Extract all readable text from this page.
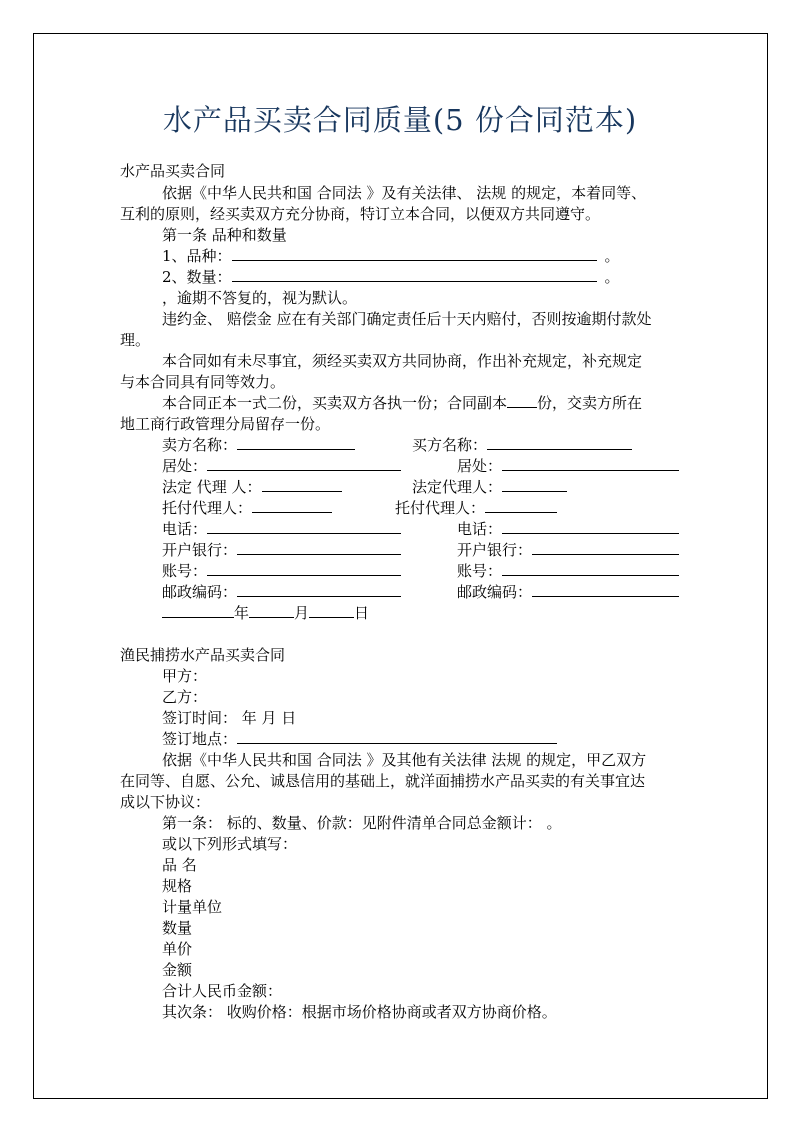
水产品买卖合同质量(5 份合同范本)
水产品买卖合同
依据《中华人民共和国 合同法 》及有关法律、 法规 的规定，本着同等、
互利的原则，经买卖双方充分协商，特订立本合同，以便双方共同遵守。
第一条 品种和数量
1、品种：	。
2、数量：	。
，逾期不答复的，视为默认。
违约金、 赔偿金 应在有关部门确定责任后十天内赔付，否则按逾期付款处
理。
本合同如有未尽事宜，须经买卖双方共同协商，作出补充规定，补充规定
与本合同具有同等效力。
本合同正本一式二份，买卖双方各执一份；合同副本 份，交卖方所在
地工商行政管理分局留存一份。
卖方名称：	买方名称：
居处：	居处：
法定 代理 人：	法定代理人：
托付代理人：	托付代理人：
电话：	电话：
开户银行：	开户银行：
账号：	账号：
邮政编码：	邮政编码：
年	月	日
渔民捕捞水产品买卖合同
甲方：
乙方：
签订时间： 年 月 日
签订地点：
依据《中华人民共和国 合同法 》及其他有关法律 法规 的规定，甲乙双方
在同等、自愿、公允、诚恳信用的基础上，就洋面捕捞水产品买卖的有关事宜达
成以下协议：
第一条： 标的、数量、价款：见附件清单合同总金额计： 。
或以下列形式填写：
品 名
规格
计量单位
数量
单价
金额
合计人民币金额：
其次条： 收购价格：根据市场价格协商或者双方协商价格。
